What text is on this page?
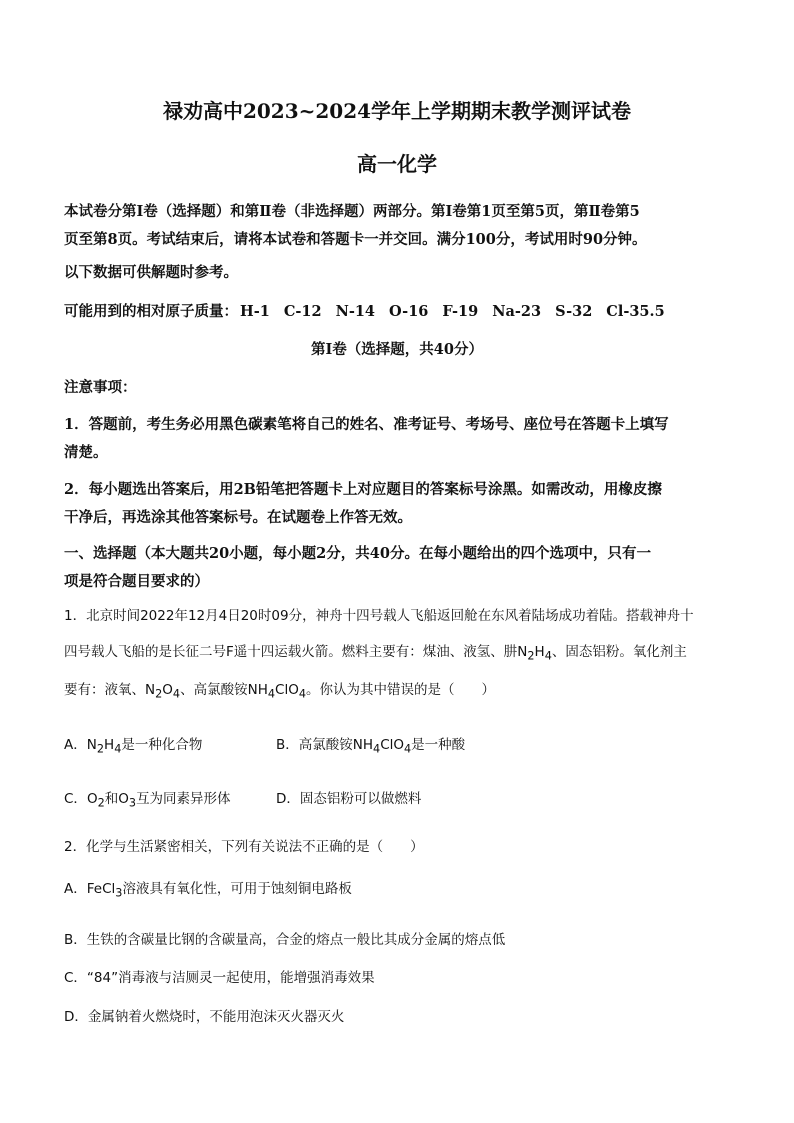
禄劝高中2023~2024学年上学期期末教学测评试卷
高一化学
本试卷分第Ⅰ卷（选择题）和第Ⅱ卷（非选择题）两部分。第Ⅰ卷第1页至第5页，第Ⅱ卷第5
页至第8页。考试结束后，请将本试卷和答题卡一并交回。满分100分，考试用时90分钟。
以下数据可供解题时参考。
可能用到的相对原子质量： H-1 C-12 N-14 O-16 F-19 Na-23 S-32 Cl-35.5
第Ⅰ卷（选择题，共40分）
注意事项：
1．答题前，考生务必用黑色碳素笔将自己的姓名、准考证号、考场号、座位号在答题卡上填写
清楚。
2．每小题选出答案后，用2B铅笔把答题卡上对应题目的答案标号涂黑。如需改动，用橡皮擦
干净后，再选涂其他答案标号。在试题卷上作答无效。
一、选择题（本大题共20小题，每小题2分，共40分。在每小题给出的四个选项中，只有一
项是符合题目要求的）
1．北京时间2022年12月4日20时09分，神舟十四号载人飞船返回舱在东风着陆场成功着陆。搭载神舟十
四号载人飞船的是长征二号F遥十四运载火箭。燃料主要有：煤油、液氢、肼$N_2H_4$、固态铝粉。氧化剂主
要有：液氧、$N_2O_4$、高氯酸铵$NH_4ClO_4$。你认为其中错误的是（　　）
A．$N_2H_4$是一种化合物	B．高氯酸铵$NH_4ClO_4$是一种酸
C．$O_2$和$O_3$互为同素异形体	D．固态铝粉可以做燃料
2．化学与生活紧密相关，下列有关说法不正确的是（　　）
A．FeCl$_3$溶液具有氧化性，可用于蚀刻铜电路板
B．生铁的含碳量比钢的含碳量高，合金的熔点一般比其成分金属的熔点低
C．“84”消毒液与洁厕灵一起使用，能增强消毒效果
D．金属钠着火燃烧时，不能用泡沫灭火器灭火
